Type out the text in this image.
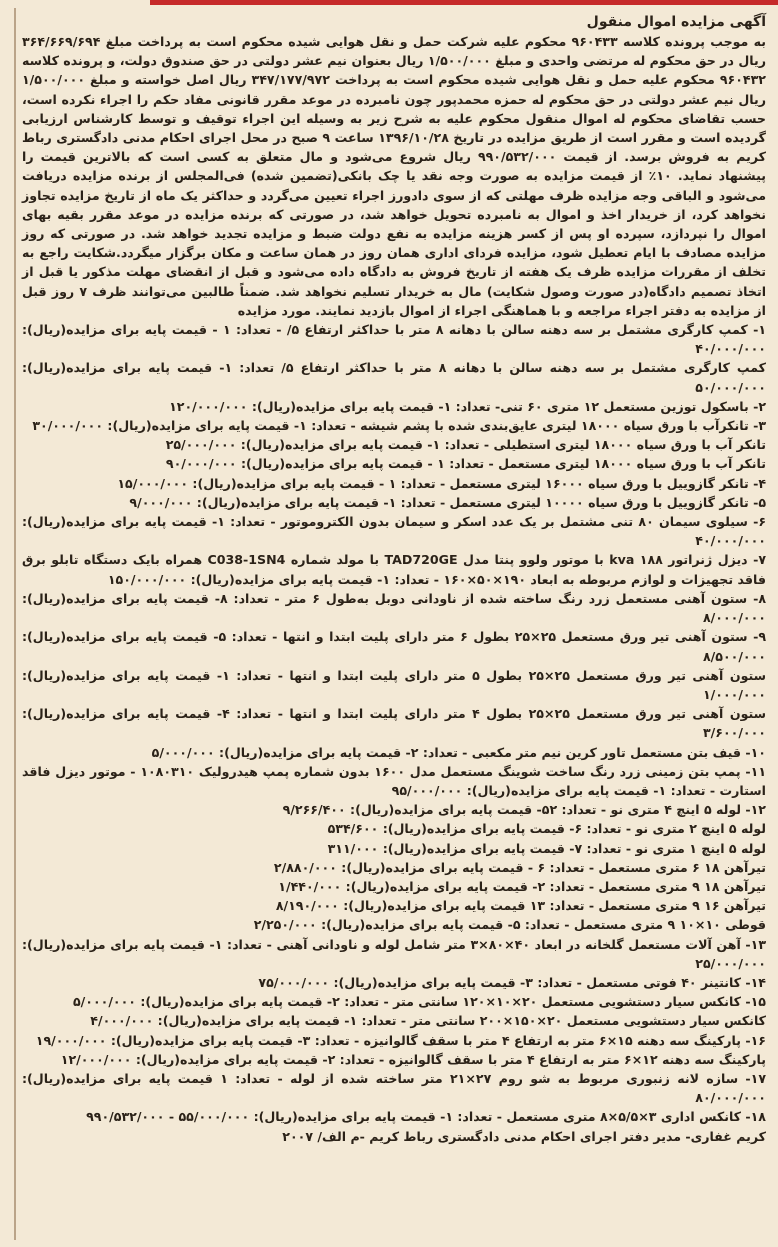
آگهی مزایده اموال منقول

به موجب پرونده کلاسه ۹۶۰۴۳۳ محکوم علیه شرکت حمل و نقل هوایی شیده محکوم است به پرداخت مبلغ ۳۶۴/۶۶۹/۶۹۴ ریال در حق محکوم له مرتضی واحدی و مبلغ ۱/۵۰۰/۰۰۰ ریال بعنوان نیم عشر دولتی در حق صندوق دولت، و پرونده کلاسه ۹۶۰۴۳۲ محکوم علیه حمل و نقل هوایی شیده محکوم است به پرداخت ۳۴۷/۱۷۷/۹۷۲ ریال اصل خواسته و مبلغ ۱/۵۰۰/۰۰۰ ریال نیم عشر دولتی در حق محکوم له حمزه محمدپور چون نامبرده در موعد مقرر قانونی مفاد حکم را اجراء نکرده است، حسب تقاضای محکوم له اموال منقول محکوم علیه به شرح زیر به وسیله این اجراء توقیف و توسط کارشناس ارزیابی گردیده است و مقرر است از طریق مزایده در تاریخ ۱۳۹۶/۱۰/۲۸ ساعت ۹ صبح در محل اجرای احکام مدنی دادگستری رباط کریم به فروش برسد. از قیمت ۹۹۰/۵۳۲/۰۰۰ ریال شروع می‌شود و مال متعلق به کسی است که بالاترین قیمت را پیشنهاد نماید. ۱۰٪ از قیمت مزایده به صورت وجه نقد یا چک بانکی(تضمین شده) فی‌المجلس از برنده مزایده دریافت می‌شود و الباقی وجه مزایده ظرف مهلتی که از سوی دادورز اجراء تعیین می‌گردد و حداکثر یک ماه از تاریخ مزایده تجاوز نخواهد کرد، از خریدار اخذ و اموال به نامبرده تحویل خواهد شد، در صورتی که برنده مزایده در موعد مقرر بقیه بهای اموال را نپردازد، سپرده او پس از کسر هزینه مزایده به نفع دولت ضبط و مزایده تجدید خواهد شد. در صورتی که روز مزایده مصادف با ایام تعطیل شود، مزایده فردای اداری همان روز در همان ساعت و مکان برگزار میگردد.شکایت راجع به تخلف از مقررات مزایده ظرف یک هفته از تاریخ فروش به دادگاه داده می‌شود و قبل از انقضای مهلت مذکور یا قبل از اتخاذ تصمیم دادگاه(در صورت وصول شکایت) مال به خریدار تسلیم نخواهد شد. ضمناً طالبین می‌توانند ظرف ۷ روز قبل از مزایده به دفتر اجراء مراجعه و با هماهنگی اجراء از اموال بازدید نمایند. مورد مزایده

۱- کمپ کارگری مشتمل بر سه دهنه سالن با دهانه ۸ متر با حداکثر ارتفاع ۵/ - تعداد: ۱ - قیمت پایه برای مزایده(ریال): ۴۰/۰۰۰/۰۰۰

کمپ کارگری مشتمل بر سه دهنه سالن با دهانه ۸ متر با حداکثر ارتفاع ۵/ تعداد: ۱- قیمت پایه برای مزایده(ریال): ۵۰/۰۰۰/۰۰۰

۲- باسکول توزین مستعمل ۱۲ متری ۶۰ تنی- تعداد: ۱- قیمت پایه برای مزایده(ریال): ۱۲۰/۰۰۰/۰۰۰

۳- تانکرآب با ورق سیاه ۱۸۰۰۰ لیتری عایق‌بندی شده با پشم شیشه - تعداد: ۱- قیمت پایه برای مزایده(ریال): ۳۰/۰۰۰/۰۰۰

تانکر آب با ورق سیاه ۱۸۰۰۰ لیتری استطیلی - تعداد: ۱- قیمت پایه برای مزایده(ریال): ۲۵/۰۰۰/۰۰۰

تانکر آب با ورق سیاه ۱۸۰۰۰ لیتری مستعمل - تعداد: ۱ - قیمت پایه برای مزایده(ریال): ۹۰/۰۰۰/۰۰۰

۴- تانکر گازوییل با ورق سیاه ۱۶۰۰۰ لیتری مستعمل - تعداد: ۱ - قیمت پایه برای مزایده(ریال): ۱۵/۰۰۰/۰۰۰

۵- تانکر گازوییل با ورق سیاه ۱۰۰۰۰ لیتری مستعمل - تعداد: ۱- قیمت پایه برای مزایده(ریال): ۹/۰۰۰/۰۰۰

۶- سیلوی سیمان ۸۰ تنی مشتمل بر یک عدد اسکر و سیمان بدون الکتروموتور - تعداد: ۱- قیمت پایه برای مزایده(ریال): ۴۰/۰۰۰/۰۰۰

۷- دیزل ژنراتور ۱۸۸ kva با موتور ولوو پنتا مدل TAD720GE با مولد شماره C038-1SN4 همراه بایک دستگاه تابلو برق فاقد تجهیزات و لوازم مربوطه به ابعاد ۱۹۰×۵۰×۱۶۰ - تعداد: ۱- قیمت پایه برای مزایده(ریال): ۱۵۰/۰۰۰/۰۰۰

۸- ستون آهنی مستعمل زرد رنگ ساخته شده از ناودانی دوبل به‌طول ۶ متر - تعداد: ۸- قیمت پایه برای مزایده(ریال): ۸/۰۰۰/۰۰۰

۹- ستون آهنی تیر ورق مستعمل ۲۵×۲۵ بطول ۶ متر دارای پلیت ابتدا و انتها - تعداد: ۵- قیمت پایه برای مزایده(ریال): ۸/۵۰۰/۰۰۰

ستون آهنی تیر ورق مستعمل ۲۵×۲۵ بطول ۵ متر دارای پلیت ابتدا و انتها - تعداد: ۱- قیمت پایه برای مزایده(ریال): ۱/۰۰۰/۰۰۰

ستون آهنی تیر ورق مستعمل ۲۵×۲۵ بطول ۴ متر دارای پلیت ابتدا و انتها - تعداد: ۴- قیمت پایه برای مزایده(ریال): ۳/۶۰۰/۰۰۰

۱۰- قیف بتن مستعمل تاور کرین نیم متر مکعبی - تعداد: ۲- قیمت پایه برای مزایده(ریال): ۵/۰۰۰/۰۰۰

۱۱- پمپ بتن زمینی زرد رنگ ساخت شوینگ مستعمل مدل ۱۶۰۰ بدون شماره پمپ هیدرولیک ۱۰۸۰۳۱۰ - موتور دیزل فاقد استارت - تعداد: ۱- قیمت پایه برای مزایده(ریال): ۹۵/۰۰۰/۰۰۰

۱۲- لوله ۵ اینچ ۴ متری نو - تعداد: ۵۲- قیمت پایه برای مزایده(ریال): ۹/۲۶۶/۴۰۰

لوله ۵ اینچ ۲ متری نو - تعداد: ۶- قیمت پایه برای مزایده(ریال): ۵۳۴/۶۰۰

لوله ۵ اینچ ۱ متری نو - تعداد: ۷- قیمت پایه برای مزایده(ریال): ۳۱۱/۰۰۰

تیرآهن ۱۸ ۶ متری مستعمل - تعداد: ۶ - قیمت پایه برای مزایده(ریال): ۲/۸۸۰/۰۰۰

تیرآهن ۱۸ ۹ متری مستعمل - تعداد: ۲- قیمت پایه برای مزایده(ریال): ۱/۴۴۰/۰۰۰

تیرآهن ۱۶ ۹ متری مستعمل - تعداد: ۱۳ قیمت پایه برای مزایده(ریال): ۸/۱۹۰/۰۰۰

قوطی ۱۰×۱۰ ۹ متری مستعمل - تعداد: ۵- قیمت پایه برای مزایده(ریال): ۲/۲۵۰/۰۰۰

۱۳- آهن آلات مستعمل گلخانه در ابعاد ۴۰×۸۰×۳ متر شامل لوله و ناودانی آهنی - تعداد: ۱- قیمت پایه برای مزایده(ریال): ۲۵/۰۰۰/۰۰۰

۱۴- کانتینر ۴۰ فوتی مستعمل - تعداد: ۳- قیمت پایه برای مزایده(ریال): ۷۵/۰۰۰/۰۰۰

۱۵- کانکس سیار دستشویی مستعمل ۲۰×۱۰×۱۲۰ سانتی متر - تعداد: ۲- قیمت پایه برای مزایده(ریال): ۵/۰۰۰/۰۰۰

کانکس سیار دستشویی مستعمل ۲۰×۱۵۰×۲۰۰ سانتی متر - تعداد: ۱- قیمت پایه برای مزایده(ریال): ۴/۰۰۰/۰۰۰

۱۶- پارکینگ سه دهنه ۱۵×۶ متر به ارتفاع ۴ متر با سقف گالوانیزه - تعداد: ۳- قیمت پایه برای مزایده(ریال): ۱۹/۰۰۰/۰۰۰

پارکینگ سه دهنه ۱۲×۶ متر به ارتفاع ۴ متر با سقف گالوانیزه - تعداد: ۲- قیمت پایه برای مزایده(ریال): ۱۲/۰۰۰/۰۰۰

۱۷- سازه لانه زنبوری مربوط به شو روم ۲۷×۲۱ متر ساخته شده از لوله - تعداد: ۱ قیمت پایه برای مزایده(ریال): ۸۰/۰۰۰/۰۰۰

۱۸- کانکس اداری ۳×۵/۵×۸ متری مستعمل - تعداد: ۱- قیمت پایه برای مزایده(ریال): ۵۵/۰۰۰/۰۰۰ - ۹۹۰/۵۳۲/۰۰۰

کریم غفاری- مدیر دفتر اجرای احکام مدنی دادگستری رباط کریم -م الف/ ۲۰۰۷
